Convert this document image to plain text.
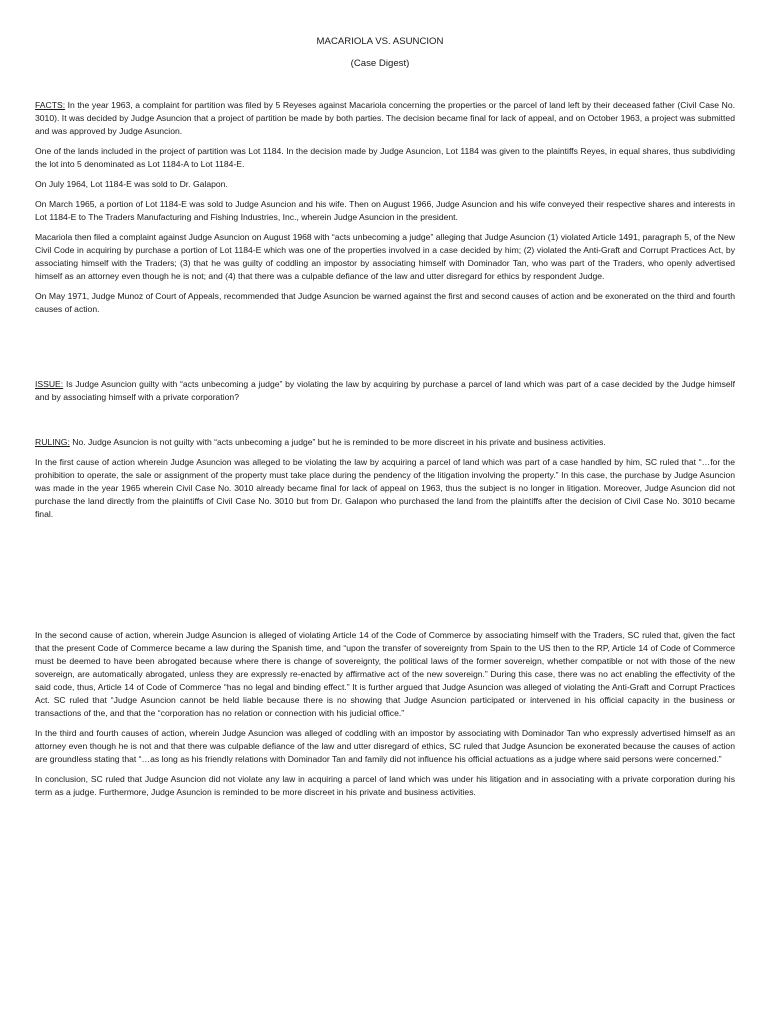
MACARIOLA VS. ASUNCION

(Case Digest)

FACTS: In the year 1963, a complaint for partition was filed by 5 Reyeses against Macariola concerning the properties or the parcel of land left by their deceased father (Civil Case No. 3010). It was decided by Judge Asuncion that a project of partition be made by both parties. The decision became final for lack of appeal, and on October 1963, a project was submitted and was approved by Judge Asuncion.

One of the lands included in the project of partition was Lot 1184. In the decision made by Judge Asuncion, Lot 1184 was given to the plaintiffs Reyes, in equal shares, thus subdividing the lot into 5 denominated as Lot 1184-A to Lot 1184-E.

On July 1964, Lot 1184-E was sold to Dr. Galapon.

On March 1965, a portion of Lot 1184-E was sold to Judge Asuncion and his wife. Then on August 1966, Judge Asuncion and his wife conveyed their respective shares and interests in Lot 1184-E to The Traders Manufacturing and Fishing Industries, Inc., wherein Judge Asuncion in the president.

Macariola then filed a complaint against Judge Asuncion on August 1968 with “acts unbecoming a judge” alleging that Judge Asuncion (1) violated Article 1491, paragraph 5, of the New Civil Code in acquiring by purchase a portion of Lot 1184-E which was one of the properties involved in a case decided by him; (2) violated the Anti-Graft and Corrupt Practices Act, by associating himself with the Traders; (3) that he was guilty of coddling an impostor by associating himself with Dominador Tan, who was part of the Traders, who openly advertised himself as an attorney even though he is not; and (4) that there was a culpable defiance of the law and utter disregard for ethics by respondent Judge.

On May 1971, Judge Munoz of Court of Appeals, recommended that Judge Asuncion be warned against the first and second causes of action and be exonerated on the third and fourth causes of action.

ISSUE: Is Judge Asuncion guilty with “acts unbecoming a judge” by violating the law by acquiring by purchase a parcel of land which was part of a case decided by the Judge himself and by associating himself with a private corporation?

RULING: No. Judge Asuncion is not guilty with “acts unbecoming a judge” but he is reminded to be more discreet in his private and business activities.

In the first cause of action wherein Judge Asuncion was alleged to be violating the law by acquiring a parcel of land which was part of a case handled by him, SC ruled that “…for the prohibition to operate, the sale or assignment of the property must take place during the pendency of the litigation involving the property.” In this case, the purchase by Judge Asuncion was made in the year 1965 wherein Civil Case No. 3010 already became final for lack of appeal on 1963, thus the subject is no longer in litigation. Moreover, Judge Asuncion did not purchase the land directly from the plaintiffs of Civil Case No. 3010 but from Dr. Galapon who purchased the land from the plaintiffs after the decision of Civil Case No. 3010 became final.

In the second cause of action, wherein Judge Asuncion is alleged of violating Article 14 of the Code of Commerce by associating himself with the Traders, SC ruled that, given the fact that the present Code of Commerce became a law during the Spanish time, and “upon the transfer of sovereignty from Spain to the US then to the RP, Article 14 of Code of Commerce must be deemed to have been abrogated because where there is change of sovereignty, the political laws of the former sovereign, whether compatible or not with those of the new sovereign, are automatically abrogated, unless they are expressly re-enacted by affirmative act of the new sovereign.” During this case, there was no act enabling the effectivity of the said code, thus, Article 14 of Code of Commerce “has no legal and binding effect.” It is further argued that Judge Asuncion was alleged of violating the Anti-Graft and Corrupt Practices Act. SC ruled that “Judge Asuncion cannot be held liable because there is no showing that Judge Asuncion participated or intervened in his official capacity in the business or transactions of the, and that the “corporation has no relation or connection with his judicial office.”

In the third and fourth causes of action, wherein Judge Asuncion was alleged of coddling with an impostor by associating with Dominador Tan who expressly advertised himself as an attorney even though he is not and that there was culpable defiance of the law and utter disregard of ethics, SC ruled that Judge Asuncion be exonerated because the causes of action are groundless stating that “…as long as his friendly relations with Dominador Tan and family did not influence his official actuations as a judge where said persons were concerned.”

In conclusion, SC ruled that Judge Asuncion did not violate any law in acquiring a parcel of land which was under his litigation and in associating with a private corporation during his term as a judge. Furthermore, Judge Asuncion is reminded to be more discreet in his private and business activities.
